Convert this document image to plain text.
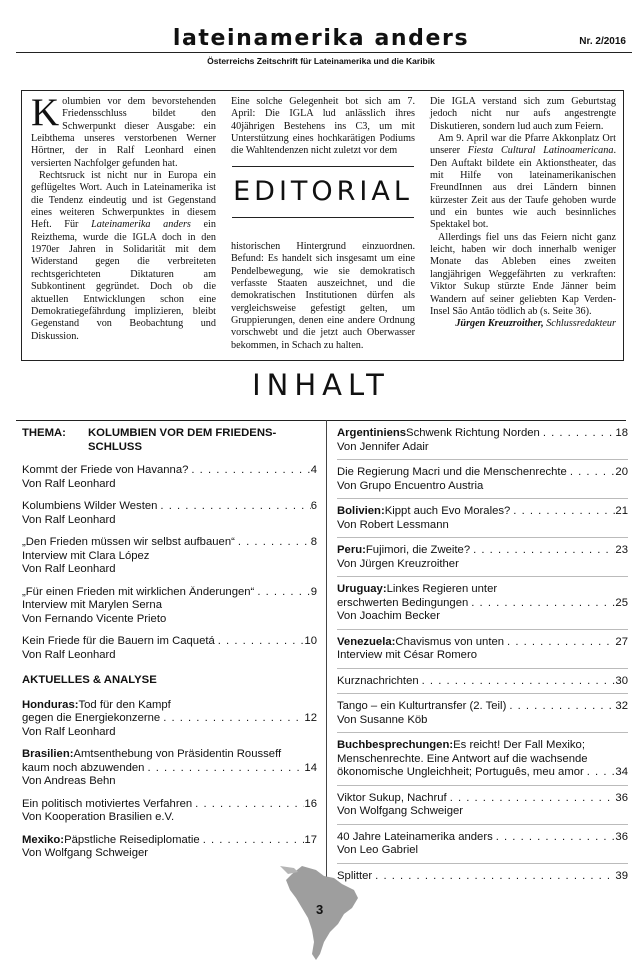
lateinamerika anders	Nr. 2/2016
Österreichs Zeitschrift für Lateinamerika und die Karibik

Kolumbien vor dem bevorstehenden Friedensschluss bildet den Schwerpunkt dieser Ausgabe: ein Leibthema unseres verstorbenen Werner Hörtner, der in Ralf Leonhard einen versierten Nachfolger gefunden hat.

Rechtsruck ist nicht nur in Europa ein geflügeltes Wort. Auch in Lateinamerika ist die Tendenz eindeutig und ist Gegenstand eines weiteren Schwerpunktes in diesem Heft. Für Lateinamerika anders ein Reizthema, wurde die IGLA doch in den 1970er Jahren in Solidarität mit dem Widerstand gegen die verbreiteten rechtsgerichteten Diktaturen am Subkontinent gegründet. Doch ob die aktuellen Entwicklungen schon eine Demokratiegefährdung implizieren, bleibt Gegenstand von Beobachtung und Diskussion.

Eine solche Gelegenheit bot sich am 7. April: Die IGLA lud anlässlich ihres 40jährigen Bestehens ins C3, um mit Unterstützung eines hochkarätigen Podiums die Wahltendenzen nicht zuletzt vor dem

EDITORIAL

historischen Hintergrund einzuordnen. Befund: Es handelt sich insgesamt um eine Pendelbewegung, wie sie demokratisch verfasste Staaten auszeichnet, und die demokratischen Institutionen dürfen als vergleichsweise gefestigt gelten, um Gruppierungen, denen eine andere Ordnung vorschwebt und die jetzt auch Oberwasser bekommen, in Schach zu halten.

Die IGLA verstand sich zum Geburtstag jedoch nicht nur aufs angestrengte Diskutieren, sondern lud auch zum Feiern.

Am 9. April war die Pfarre Akkonplatz Ort unserer Fiesta Cultural Latinoamericana. Den Auftakt bildete ein Aktionstheater, das mit Hilfe von lateinamerikanischen FreundInnen aus drei Ländern binnen kürzester Zeit aus der Taufe gehoben wurde und ein buntes wie auch besinnliches Spektakel bot.

Allerdings fiel uns das Feiern nicht ganz leicht, haben wir doch innerhalb weniger Monate das Ableben eines zweiten langjährigen Weggefährten zu verkraften: Viktor Sukup stürzte Ende Jänner beim Wandern auf seiner geliebten Kap Verden-Insel São Antão tödlich ab (s. Seite 36).

Jürgen Kreuzroither, Schlussredakteur

INHALT
THEMA:	KOLUMBIEN VOR DEM FRIEDENS-SCHLUSS
Kommt der Friede von Havanna? . . .	4
Von Ralf Leonhard
Kolumbiens Wilder Westen . . .	6
Von Ralf Leonhard
„Den Frieden müssen wir selbst aufbauen“ . . .	8
Interview mit Clara López
Von Ralf Leonhard
„Für einen Frieden mit wirklichen Änderungen“ . . .	9
Interview mit Marylen Serna
Von Fernando Vicente Prieto
Kein Friede für die Bauern im Caquetá . . .	10
Von Ralf Leonhard
AKTUELLES & ANALYSE
Honduras: Tod für den Kampf
gegen die Energiekonzerne . . .	12
Von Ralf Leonhard
Brasilien: Amtsenthebung von Präsidentin Rousseff
kaum noch abzuwenden . . .	14
Von Andreas Behn
Ein politisch motiviertes Verfahren . . .	16
Von Kooperation Brasilien e.V.
Mexiko: Päpstliche Reisediplomatie . . .	17
Von Wolfgang Schweiger
Argentiniens Schwenk Richtung Norden . . .	18
Von Jennifer Adair
Die Regierung Macri und die Menschenrechte . . .	20
Von Grupo Encuentro Austria
Bolivien: Kippt auch Evo Morales? . . .	21
Von Robert Lessmann
Peru: Fujimori, die Zweite? . . .	23
Von Jürgen Kreuzroither
Uruguay: Linkes Regieren unter
erschwerten Bedingungen . . .	25
Von Joachim Becker
Venezuela: Chavismus von unten . . .	27
Interview mit César Romero
Kurznachrichten . . .	30
Tango – ein Kulturtransfer (2. Teil) . . .	32
Von Susanne Köb
Buchbesprechungen: Es reicht! Der Fall Mexiko;
Menschenrechte. Eine Antwort auf die wachsende
ökonomische Ungleichheit; Português, meu amor . . .	34
Viktor Sukup, Nachruf . . .	36
Von Wolfgang Schweiger
40 Jahre Lateinamerika anders . . .	36
Von Leo Gabriel
Splitter . . .	39
3
